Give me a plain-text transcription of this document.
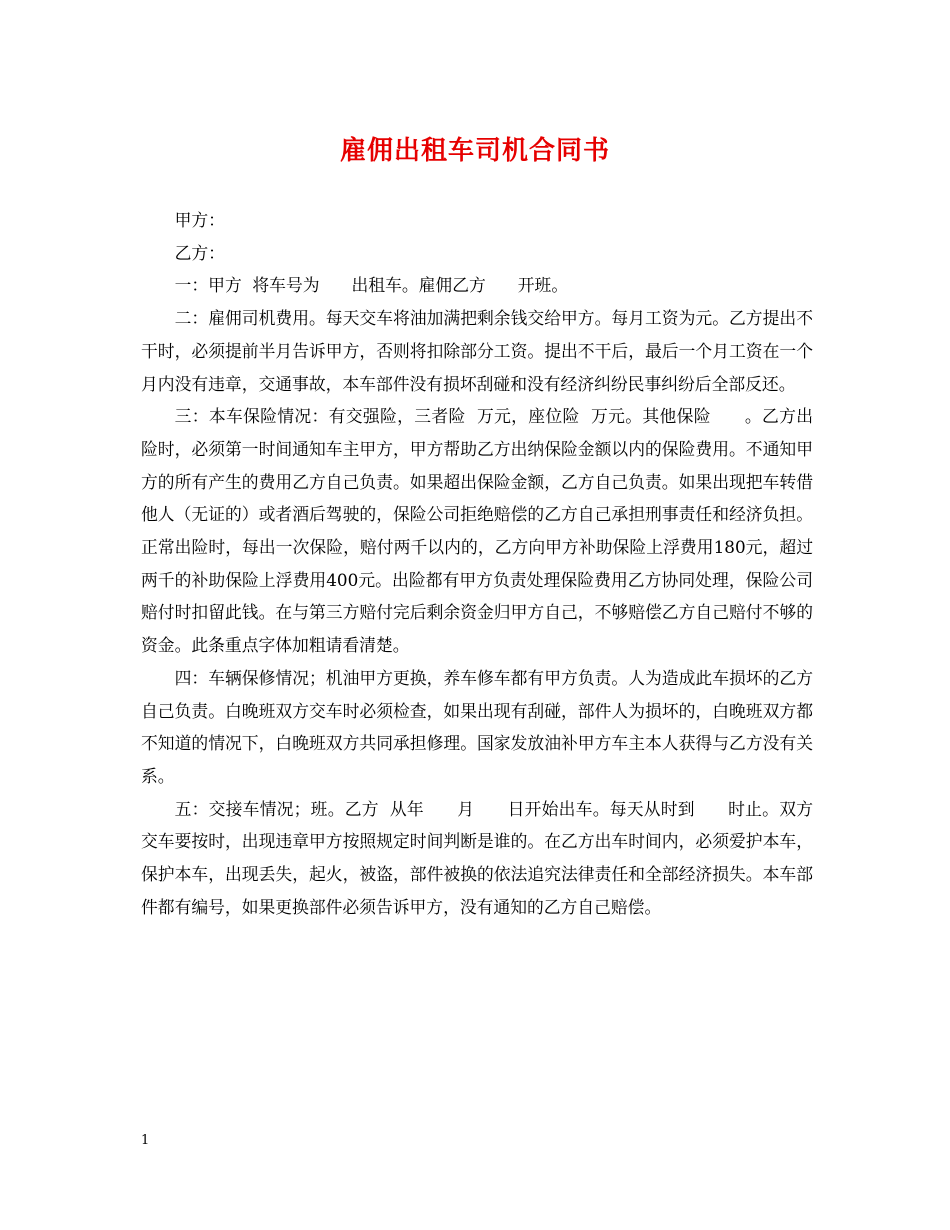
雇佣出租车司机合同书

甲方：

乙方：

一：甲方  将车号为      出租车。雇佣乙方      开班。

二：雇佣司机费用。每天交车将油加满把剩余钱交给甲方。每月工资为元。乙方提出不干时，必须提前半月告诉甲方，否则将扣除部分工资。提出不干后，最后一个月工资在一个月内没有违章，交通事故，本车部件没有损坏刮碰和没有经济纠纷民事纠纷后全部反还。

三：本车保险情况：有交强险，三者险  万元，座位险  万元。其他保险      。乙方出险时，必须第一时间通知车主甲方，甲方帮助乙方出纳保险金额以内的保险费用。不通知甲方的所有产生的费用乙方自己负责。如果超出保险金额，乙方自己负责。如果出现把车转借他人（无证的）或者酒后驾驶的，保险公司拒绝赔偿的乙方自己承担刑事责任和经济负担。正常出险时，每出一次保险，赔付两千以内的，乙方向甲方补助保险上浮费用180元，超过两千的补助保险上浮费用400元。出险都有甲方负责处理保险费用乙方协同处理，保险公司赔付时扣留此钱。在与第三方赔付完后剩余资金归甲方自己，不够赔偿乙方自己赔付不够的资金。此条重点字体加粗请看清楚。

四：车辆保修情况；机油甲方更换，养车修车都有甲方负责。人为造成此车损坏的乙方自己负责。白晚班双方交车时必须检查，如果出现有刮碰，部件人为损坏的，白晚班双方都不知道的情况下，白晚班双方共同承担修理。国家发放油补甲方车主本人获得与乙方没有关系。

五：交接车情况；班。乙方  从年      月      日开始出车。每天从时到      时止。双方交车要按时，出现违章甲方按照规定时间判断是谁的。在乙方出车时间内，必须爱护本车，保护本车，出现丢失，起火，被盗，部件被换的依法追究法律责任和全部经济损失。本车部件都有编号，如果更换部件必须告诉甲方，没有通知的乙方自己赔偿。

1
